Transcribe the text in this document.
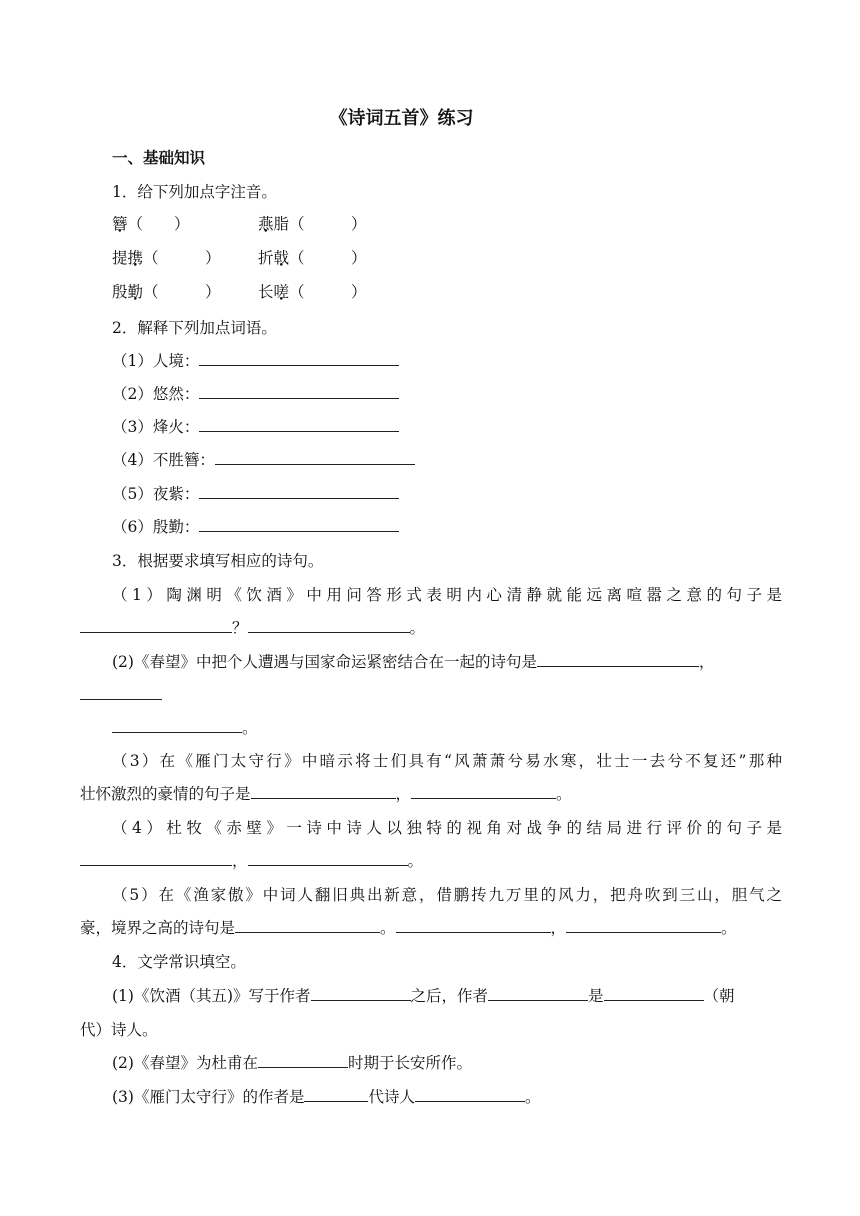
《诗词五首》练习
一、基础知识
1．给下列加点字注音。
簪（　　）	燕脂（　　　）
提携（　　　） 折戟（　　　）
殷勤（　　　） 长嗟（　　　）
2．解释下列加点词语。
（1）人境：
（2）悠然：
（3）烽火：
（4）不胜簪：
（5）夜紫：
（6）殷勤：
3．根据要求填写相应的诗句。
（1）陶渊明《饮酒》中用问答形式表明内心清静就能远离喧嚣之意的句子是
？	。
(2)《春望》中把个人遭遇与国家命运紧密结合在一起的诗句是	，
。
（3）在《雁门太守行》中暗示将士们具有“风萧萧兮易水寒，壮士一去兮不复还”那种
壮怀激烈的豪情的句子是	，	。
（4）杜牧《赤壁》一诗中诗人以独特的视角对战争的结局进行评价的句子是
，	。
（5）在《渔家傲》中词人翻旧典出新意，借鹏抟九万里的风力，把舟吹到三山，胆气之
豪，境界之高的诗句是	。	，	。
4．文学常识填空。
(1)《饮酒（其五)》写于作者	之后，作者	是	（朝
代）诗人。
(2)《春望》为杜甫在	时期于长安所作。
(3)《雁门太守行》的作者是	代诗人	。
